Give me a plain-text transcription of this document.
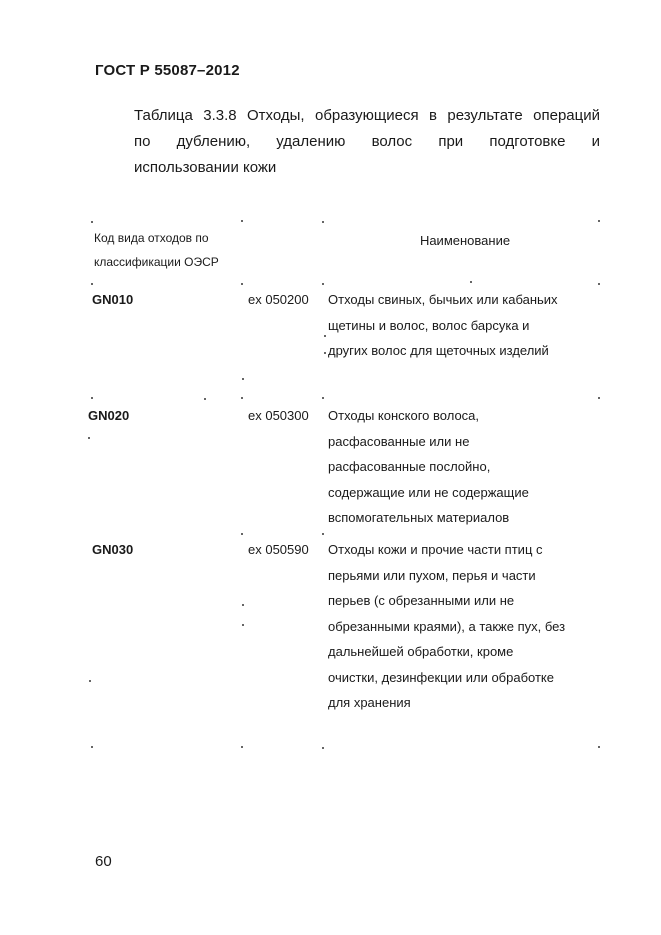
ГОСТ Р 55087–2012
Таблица 3.3.8 Отходы, образующиеся в результате операций
по дублению, удалению волос при подготовке и
использовании кожи
Код вида отходов по
классификации ОЭСР
Наименование
GN010	ex 050200 Отходы свиных, бычьих или кабаньих
щетины и волос, волос барсука и
других волос для щеточных изделий
GN020	ex 050300 Отходы конского волоса,
расфасованные или не
расфасованные послойно,
содержащие или не содержащие
вспомогательных материалов
GN030	ex 050590 Отходы кожи и прочие части птиц с
перьями или пухом, перья и части
перьев (с обрезанными или не
обрезанными краями), а также пух, без
дальнейшей обработки, кроме
очистки, дезинфекции или обработке
для хранения
60
